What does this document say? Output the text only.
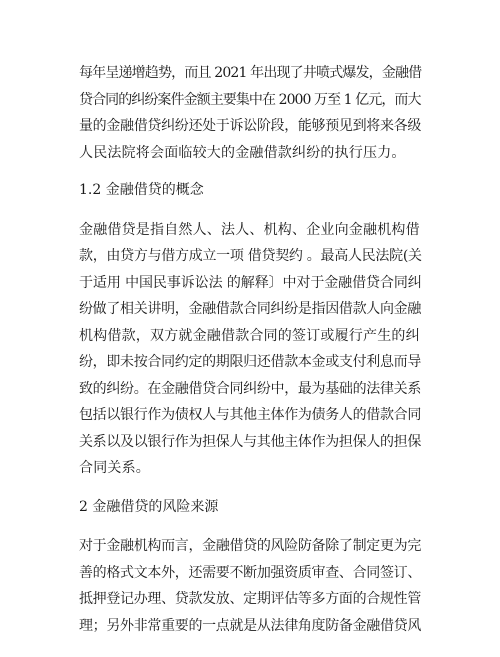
每年呈递增趋势，而且 2021 年出现了井喷式爆发，金融借
贷合同的纠纷案件金额主要集中在 2000 万至 1 亿元，而大
量的金融借贷纠纷还处于诉讼阶段，能够预见到将来各级
人民法院将会面临较大的金融借款纠纷的执行压力。
1.2 金融借贷的概念
金融借贷是指自然人、法人、机构、企业向金融机构借
款，由贷方与借方成立一项 借贷契约 。最高人民法院(关
于适用 中国民事诉讼法 的解释〕中对于金融借贷合同纠
纷做了相关讲明，金融借款合同纠纷是指因借款人向金融
机构借款，双方就金融借款合同的签订或履行产生的纠
纷，即未按合同约定的期限归还借款本金或支付利息而导
致的纠纷。在金融借贷合同纠纷中，最为基础的法律关系
包括以银行作为债权人与其他主体作为债务人的借款合同
关系以及以银行作为担保人与其他主体作为担保人的担保
合同关系。
2 金融借贷的风险来源
对于金融机构而言，金融借贷的风险防备除了制定更为完
善的格式文本外，还需要不断加强资质审查、合同签订、
抵押登记办理、贷款发放、定期评估等多方面的合规性管
理；另外非常重要的一点就是从法律角度防备金融借贷风
